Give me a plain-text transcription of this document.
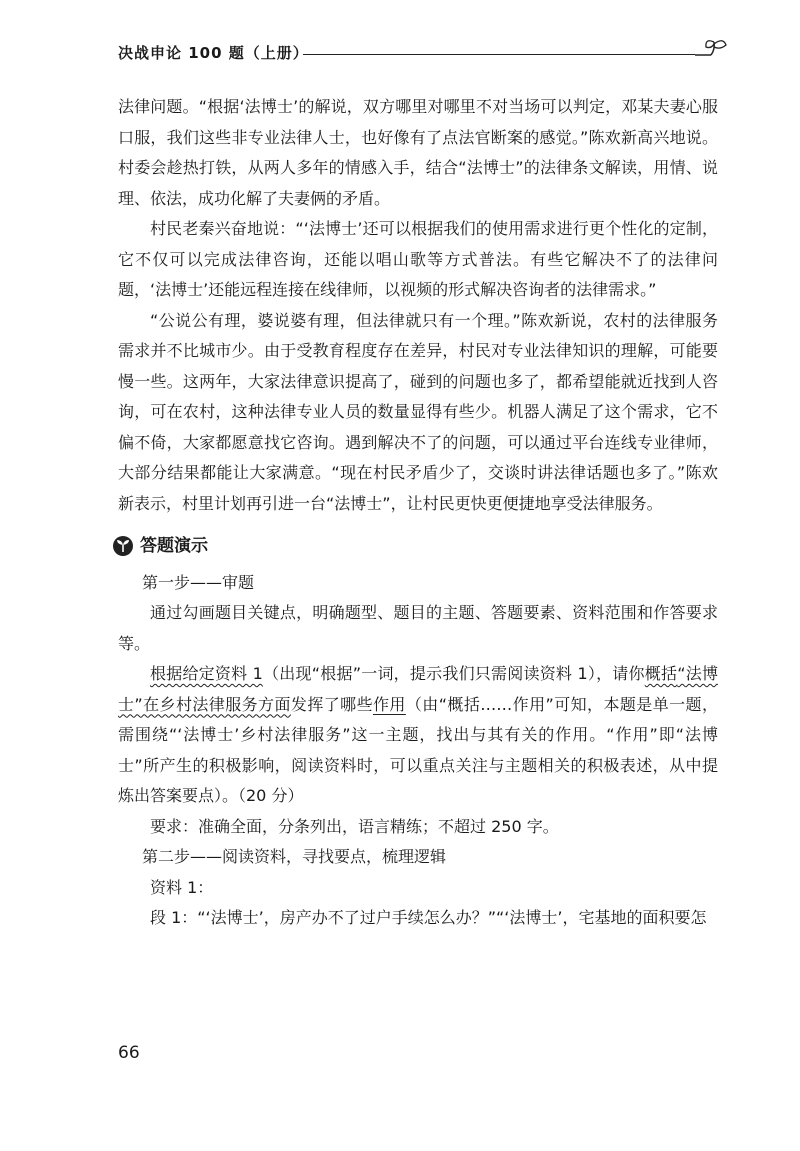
决战申论 100 题（上册）

法律问题。“根据‘法博士’的解说，双方哪里对哪里不对当场可以判定，邓某夫妻心服口服，我们这些非专业法律人士，也好像有了点法官断案的感觉。”陈欢新高兴地说。村委会趁热打铁，从两人多年的情感入手，结合“法博士”的法律条文解读，用情、说理、依法，成功化解了夫妻俩的矛盾。

村民老秦兴奋地说：“‘法博士’还可以根据我们的使用需求进行更个性化的定制，它不仅可以完成法律咨询，还能以唱山歌等方式普法。有些它解决不了的法律问题，‘法博士’还能远程连接在线律师，以视频的形式解决咨询者的法律需求。”

“公说公有理，婆说婆有理，但法律就只有一个理。”陈欢新说，农村的法律服务需求并不比城市少。由于受教育程度存在差异，村民对专业法律知识的理解，可能要慢一些。这两年，大家法律意识提高了，碰到的问题也多了，都希望能就近找到人咨询，可在农村，这种法律专业人员的数量显得有些少。机器人满足了这个需求，它不偏不倚，大家都愿意找它咨询。遇到解决不了的问题，可以通过平台连线专业律师，大部分结果都能让大家满意。“现在村民矛盾少了，交谈时讲法律话题也多了。”陈欢新表示，村里计划再引进一台“法博士”，让村民更快更便捷地享受法律服务。

答题演示

第一步——审题

通过勾画题目关键点，明确题型、题目的主题、答题要素、资料范围和作答要求等。

根据给定资料 1（出现“根据”一词，提示我们只需阅读资料 1），请你概括“法博士”在乡村法律服务方面发挥了哪些作用（由“概括……作用”可知，本题是单一题，需围绕“‘法博士’乡村法律服务”这一主题，找出与其有关的作用。“作用”即“法博士”所产生的积极影响，阅读资料时，可以重点关注与主题相关的积极表述，从中提炼出答案要点）。（20 分）

要求：准确全面，分条列出，语言精练；不超过 250 字。

第二步——阅读资料，寻找要点，梳理逻辑

资料 1：

段 1：“‘法博士’，房产办不了过户手续怎么办？”“‘法博士’，宅基地的面积要怎

66
